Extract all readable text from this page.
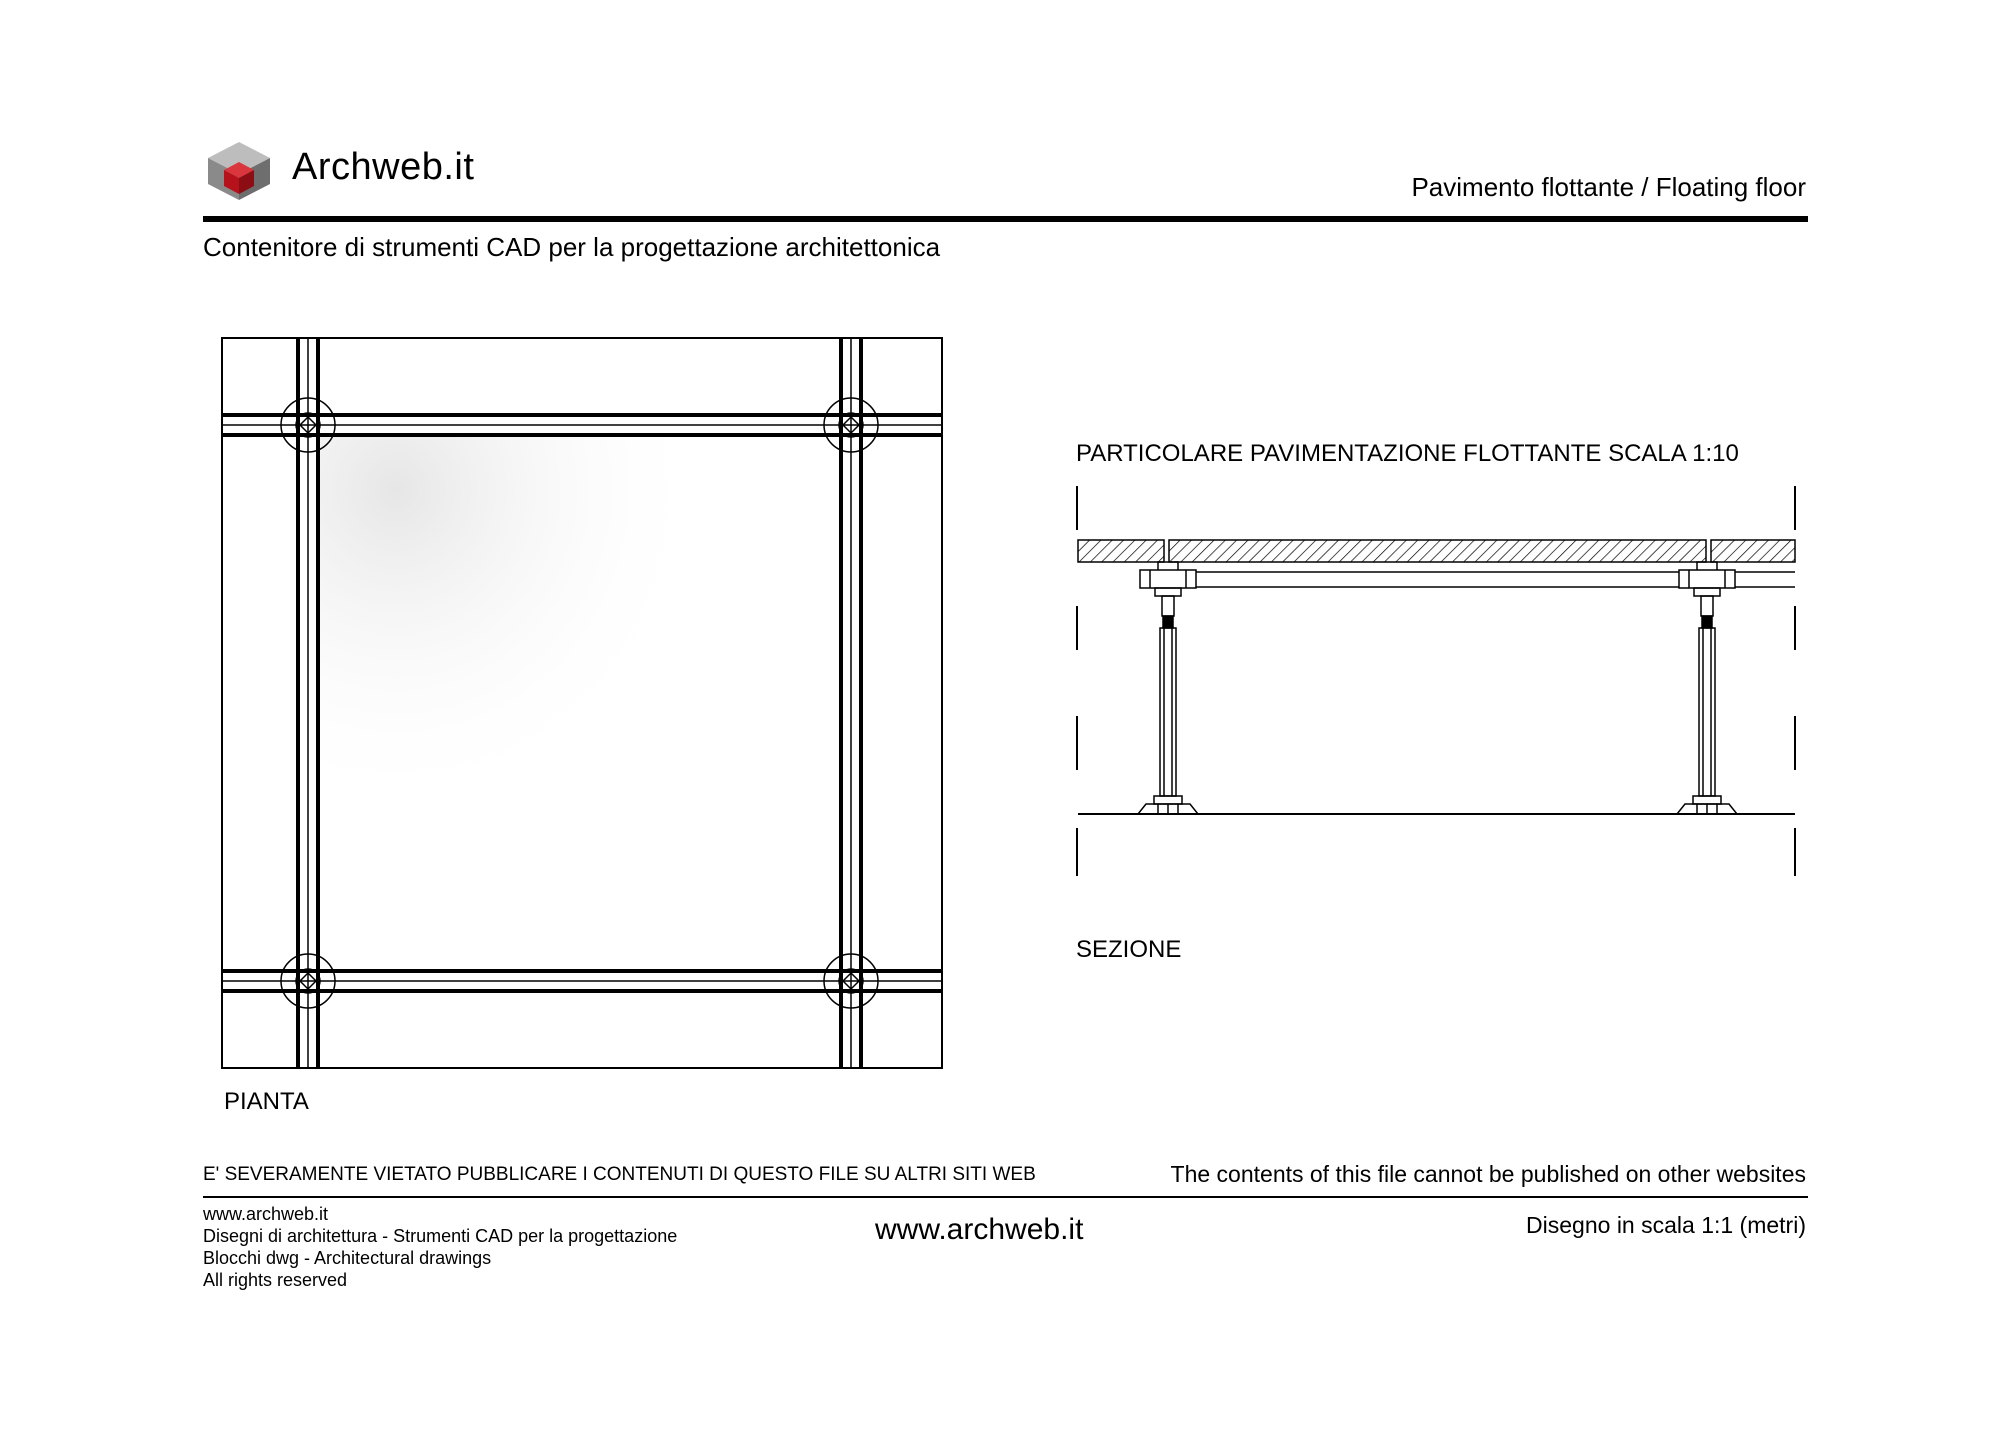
Archweb.it	Pavimento flottante / Floating floor
Contenitore di strumenti CAD per la progettazione architettonica
PIANTA
PARTICOLARE PAVIMENTAZIONE FLOTTANTE SCALA 1:10
SEZIONE
E' SEVERAMENTE VIETATO PUBBLICARE I CONTENUTI DI QUESTO FILE SU ALTRI SITI WEB	The contents of this file cannot be published on other websites
www.archweb.it
Disegni di architettura - Strumenti CAD per la progettazione
Blocchi dwg - Architectural drawings
All rights reserved
www.archweb.it	Disegno in scala 1:1 (metri)
